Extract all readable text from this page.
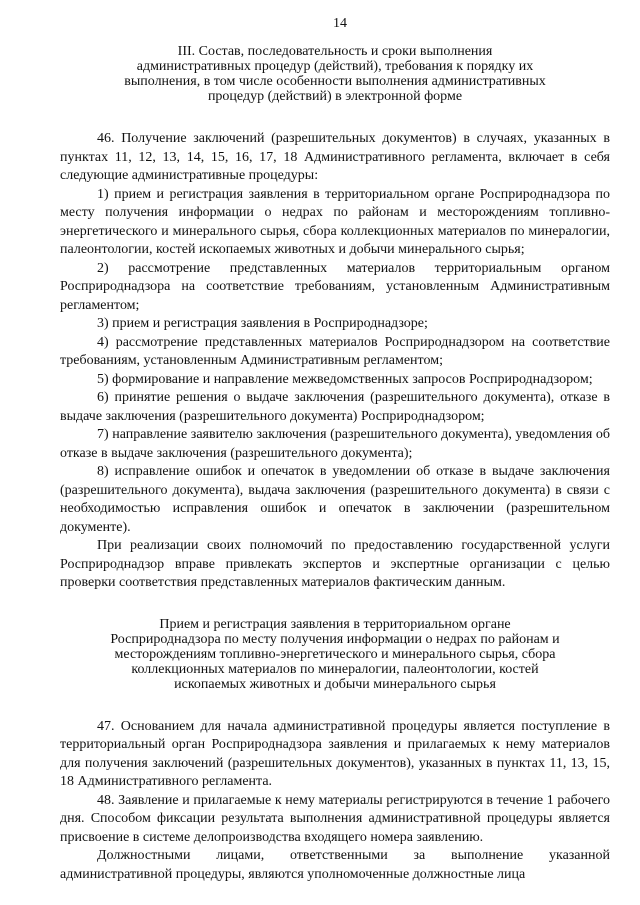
14
III. Состав, последовательность и сроки выполнения
административных процедур (действий), требования к порядку их
выполнения, в том числе особенности выполнения административных
процедур (действий) в электронной форме

46. Получение заключений (разрешительных документов) в случаях, указанных в пунктах 11, 12, 13, 14, 15, 16, 17, 18 Административного регламента, включает в себя следующие административные процедуры:

1) прием и регистрация заявления в территориальном органе Росприроднадзора по месту получения информации о недрах по районам и месторождениям топливно-энергетического и минерального сырья, сбора коллекционных материалов по минералогии, палеонтологии, костей ископаемых животных и добычи минерального сырья;

2) рассмотрение представленных материалов территориальным органом Росприроднадзора на соответствие требованиям, установленным Административным регламентом;

3) прием и регистрация заявления в Росприроднадзоре;

4) рассмотрение представленных материалов Росприроднадзором на соответствие требованиям, установленным Административным регламентом;

5) формирование и направление межведомственных запросов Росприроднадзором;

6) принятие решения о выдаче заключения (разрешительного документа), отказе в выдаче заключения (разрешительного документа) Росприроднадзором;

7) направление заявителю заключения (разрешительного документа), уведомления об отказе в выдаче заключения (разрешительного документа);

8) исправление ошибок и опечаток в уведомлении об отказе в выдаче заключения (разрешительного документа), выдача заключения (разрешительного документа) в связи с необходимостью исправления ошибок и опечаток в заключении (разрешительном документе).

При реализации своих полномочий по предоставлению государственной услуги Росприроднадзор вправе привлекать экспертов и экспертные организации с целью проверки соответствия представленных материалов фактическим данным.

Прием и регистрация заявления в территориальном органе
Росприроднадзора по месту получения информации о недрах по районам и
месторождениям топливно-энергетического и минерального сырья, сбора
коллекционных материалов по минералогии, палеонтологии, костей
ископаемых животных и добычи минерального сырья

47. Основанием для начала административной процедуры является поступление в территориальный орган Росприроднадзора заявления и прилагаемых к нему материалов для получения заключений (разрешительных документов), указанных в пунктах 11, 13, 15, 18 Административного регламента.

48. Заявление и прилагаемые к нему материалы регистрируются в течение 1 рабочего дня. Способом фиксации результата выполнения административной процедуры является присвоение в системе делопроизводства входящего номера заявлению.

Должностными лицами, ответственными за выполнение указанной административной процедуры, являются уполномоченные должностные лица
